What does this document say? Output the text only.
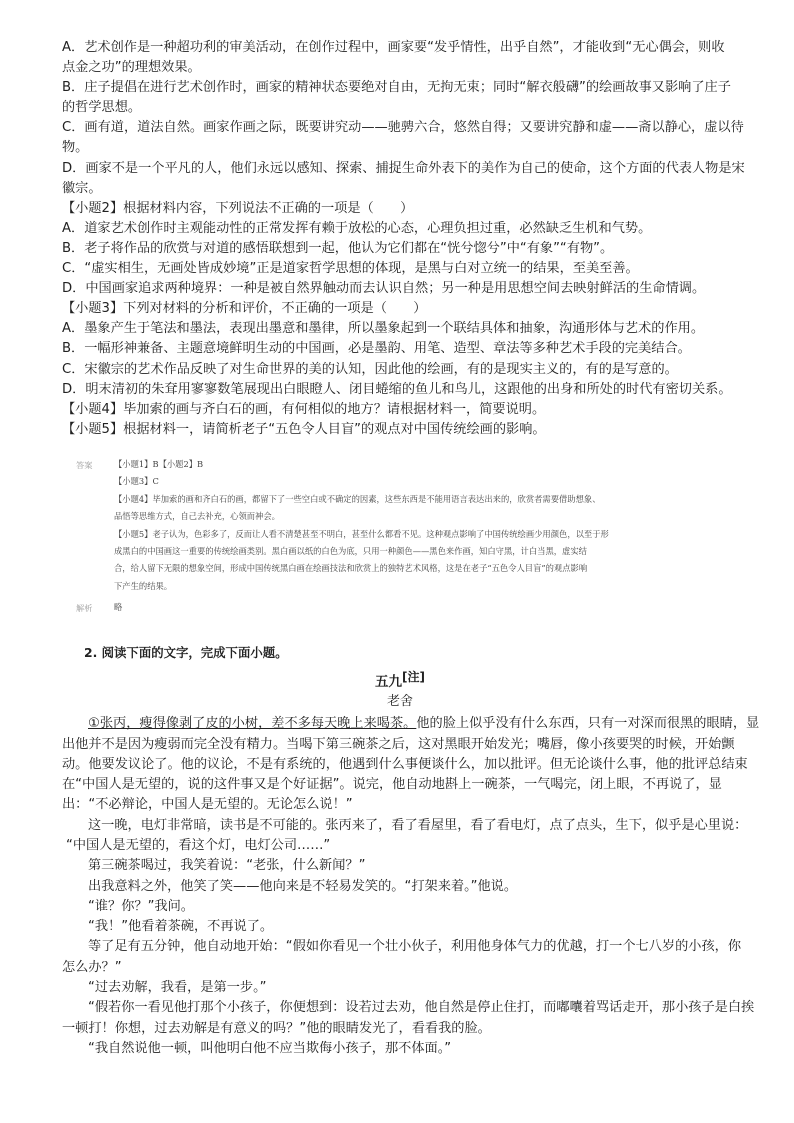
A．艺术创作是一种超功利的审美活动，在创作过程中，画家要“发乎情性，出乎自然”，才能收到“无心偶会，则收
点金之功”的理想效果。
B．庄子提倡在进行艺术创作时，画家的精神状态要绝对自由，无拘无束；同时“解衣般礴”的绘画故事又影响了庄子
的哲学思想。
C．画有道，道法自然。画家作画之际，既要讲究动——驰骋六合，悠然自得；又要讲究静和虚——斋以静心，虚以待
物。
D．画家不是一个平凡的人，他们永远以感知、探索、捕捉生命外表下的美作为自己的使命，这个方面的代表人物是宋
徽宗。
【小题2】根据材料内容，下列说法不正确的一项是（　　）
A．道家艺术创作时主观能动性的正常发挥有赖于放松的心态，心理负担过重，必然缺乏生机和气势。
B．老子将作品的欣赏与对道的感悟联想到一起，他认为它们都在“恍兮惚兮”中“有象”“有物”。
C．“虚实相生，无画处皆成妙境”正是道家哲学思想的体现，是黑与白对立统一的结果，至美至善。
D．中国画家追求两种境界：一种是被自然界触动而去认识自然；另一种是用思想空间去映射鲜活的生命情调。
【小题3】下列对材料的分析和评价，不正确的一项是（　　）
A．墨象产生于笔法和墨法，表现出墨意和墨律，所以墨象起到一个联结具体和抽象，沟通形体与艺术的作用。
B．一幅形神兼备、主题意境鲜明生动的中国画，必是墨韵、用笔、造型、章法等多种艺术手段的完美结合。
C．宋徽宗的艺术作品反映了对生命世界的美的认知，因此他的绘画，有的是现实主义的，有的是写意的。
D．明末清初的朱耷用寥寥数笔展现出白眼瞪人、闭目蜷缩的鱼儿和鸟儿，这跟他的出身和所处的时代有密切关系。
【小题4】毕加索的画与齐白石的画，有何相似的地方？请根据材料一，简要说明。
【小题5】根据材料一，请简析老子“五色令人目盲”的观点对中国传统绘画的影响。
答案	【小题1】B【小题2】B
【小题3】C
【小题4】毕加索的画和齐白石的画，都留下了一些空白或不确定的因素，这些东西是不能用语言表达出来的，欣赏者需要借助想象、
品悟等思维方式，自己去补充，心领而神会。
【小题5】老子认为，色彩多了，反而让人看不清楚甚至不明白，甚至什么都看不见。这种观点影响了中国传统绘画少用颜色，以至于形
成黑白的中国画这一重要的传统绘画类别。黑白画以纸的白色为底，只用一种颜色——黑色来作画，知白守黑，计白当黑，虚实结
合，给人留下无限的想象空间，形成中国传统黑白画在绘画技法和欣赏上的独特艺术风格，这是在老子“五色令人目盲”的观点影响
下产生的结果。
解析	略
2. 阅读下面的文字，完成下面小题。
五九[注]
老舍
①张丙，瘦得像剥了皮的小树，差不多每天晚上来喝茶。他的脸上似乎没有什么东西，只有一对深而很黑的眼睛，显
出他并不是因为瘦弱而完全没有精力。当喝下第三碗茶之后，这对黑眼开始发光；嘴唇，像小孩要哭的时候，开始颤
动。他要发议论了。他的议论，不是有系统的，他遇到什么事便谈什么，加以批评。但无论谈什么事，他的批评总结束
在“中国人是无望的，说的这件事又是个好证据”。说完，他自动地斟上一碗茶，一气喝完，闭上眼，不再说了，显
出：“不必辩论，中国人是无望的。无论怎么说！”
这一晚，电灯非常暗，读书是不可能的。张丙来了，看了看屋里，看了看电灯，点了点头，生下，似乎是心里说：
“中国人是无望的，看这个灯，电灯公司……”
第三碗茶喝过，我笑着说：“老张，什么新闻？”
出我意料之外，他笑了笑——他向来是不轻易发笑的。“打架来着。”他说。
“谁？你？”我问。
“我！”他看着茶碗，不再说了。
等了足有五分钟，他自动地开始：“假如你看见一个壮小伙子，利用他身体气力的优越，打一个七八岁的小孩，你
怎么办？”
“过去劝解，我看，是第一步。”
“假若你一看见他打那个小孩子，你便想到：设若过去劝，他自然是停止住打，而嘟囔着骂话走开，那小孩子是白挨
一顿打！你想，过去劝解是有意义的吗？”他的眼睛发光了，看看我的脸。
“我自然说他一顿，叫他明白他不应当欺侮小孩子，那不体面。”
